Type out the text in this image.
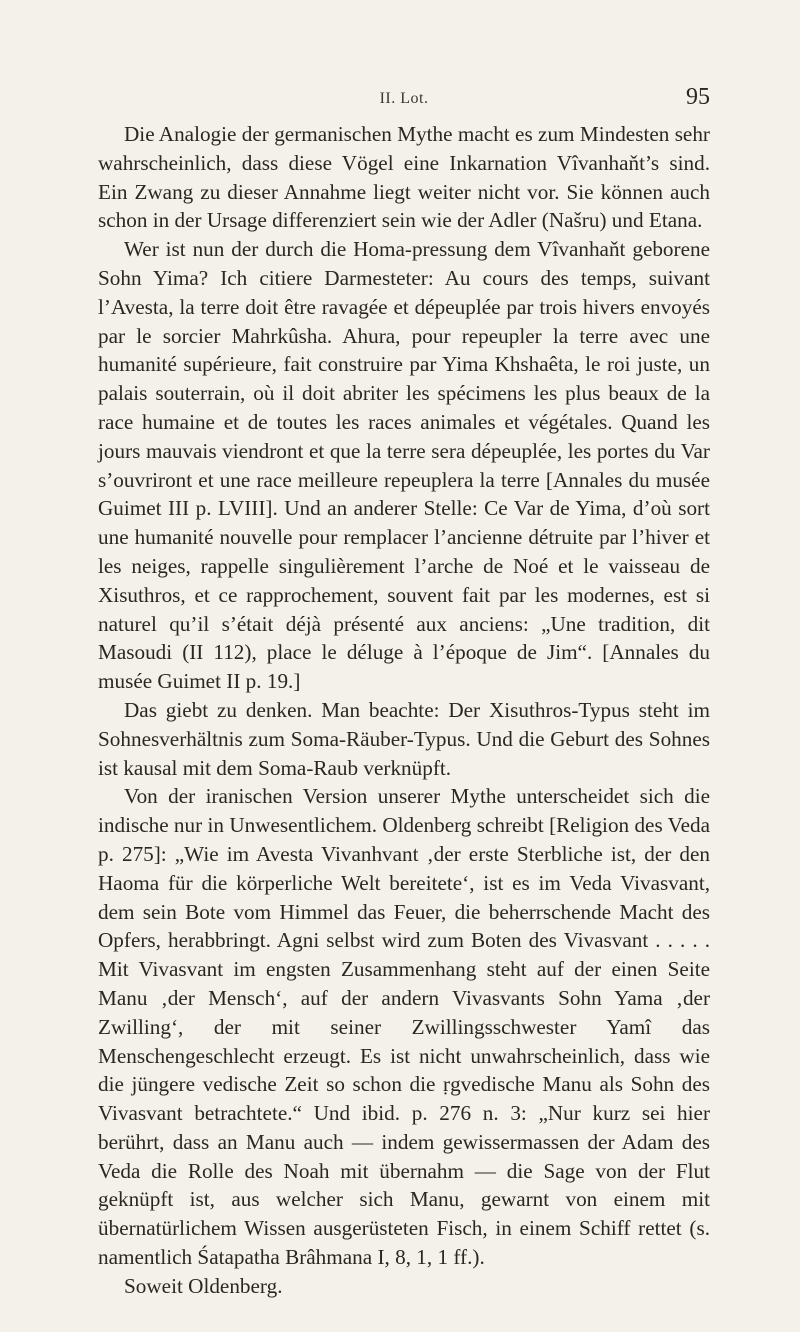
II. Lot.	95

Die Analogie der germanischen Mythe macht es zum Mindesten sehr wahrscheinlich, dass diese Vögel eine Inkarnation Vîvanhaňt’s sind. Ein Zwang zu dieser Annahme liegt weiter nicht vor. Sie können auch schon in der Ursage differenziert sein wie der Adler (Našru) und Etana.

Wer ist nun der durch die Homa-pressung dem Vîvanhaňt geborene Sohn Yima? Ich citiere Darmesteter: Au cours des temps, suivant l’Avesta, la terre doit être ravagée et dépeuplée par trois hivers envoyés par le sorcier Mahrkûsha. Ahura, pour repeupler la terre avec une humanité supérieure, fait construire par Yima Khshaêta, le roi juste, un palais souterrain, où il doit abriter les spécimens les plus beaux de la race humaine et de toutes les races animales et végétales. Quand les jours mauvais viendront et que la terre sera dépeuplée, les portes du Var s’ouvriront et une race meilleure repeuplera la terre [Annales du musée Guimet III p. LVIII]. Und an anderer Stelle: Ce Var de Yima, d’où sort une humanité nouvelle pour remplacer l’ancienne détruite par l’hiver et les neiges, rappelle singulièrement l’arche de Noé et le vaisseau de Xisuthros, et ce rapprochement, souvent fait par les modernes, est si naturel qu’il s’était déjà présenté aux anciens: „Une tradition, dit Masoudi (II 112), place le déluge à l’époque de Jim“. [Annales du musée Guimet II p. 19.]

Das giebt zu denken. Man beachte: Der Xisuthros-Typus steht im Sohnesverhältnis zum Soma-Räuber-Typus. Und die Geburt des Sohnes ist kausal mit dem Soma-Raub verknüpft.

Von der iranischen Version unserer Mythe unterscheidet sich die indische nur in Unwesentlichem. Oldenberg schreibt [Religion des Veda p. 275]: „Wie im Avesta Vivanhvant ‚der erste Sterbliche ist, der den Haoma für die körperliche Welt bereitete‘, ist es im Veda Vivasvant, dem sein Bote vom Himmel das Feuer, die beherrschende Macht des Opfers, herabbringt. Agni selbst wird zum Boten des Vivasvant . . . . . Mit Vivasvant im engsten Zusammenhang steht auf der einen Seite Manu ‚der Mensch‘, auf der andern Vivasvants Sohn Yama ‚der Zwilling‘, der mit seiner Zwillingsschwester Yamî das Menschengeschlecht erzeugt. Es ist nicht unwahrscheinlich, dass wie die jüngere vedische Zeit so schon die ṛgvedische Manu als Sohn des Vivasvant betrachtete.“ Und ibid. p. 276 n. 3: „Nur kurz sei hier berührt, dass an Manu auch — indem gewissermassen der Adam des Veda die Rolle des Noah mit übernahm — die Sage von der Flut geknüpft ist, aus welcher sich Manu, gewarnt von einem mit übernatürlichem Wissen ausgerüsteten Fisch, in einem Schiff rettet (s. namentlich Śatapatha Brâhmana I, 8, 1, 1 ff.).

Soweit Oldenberg.
